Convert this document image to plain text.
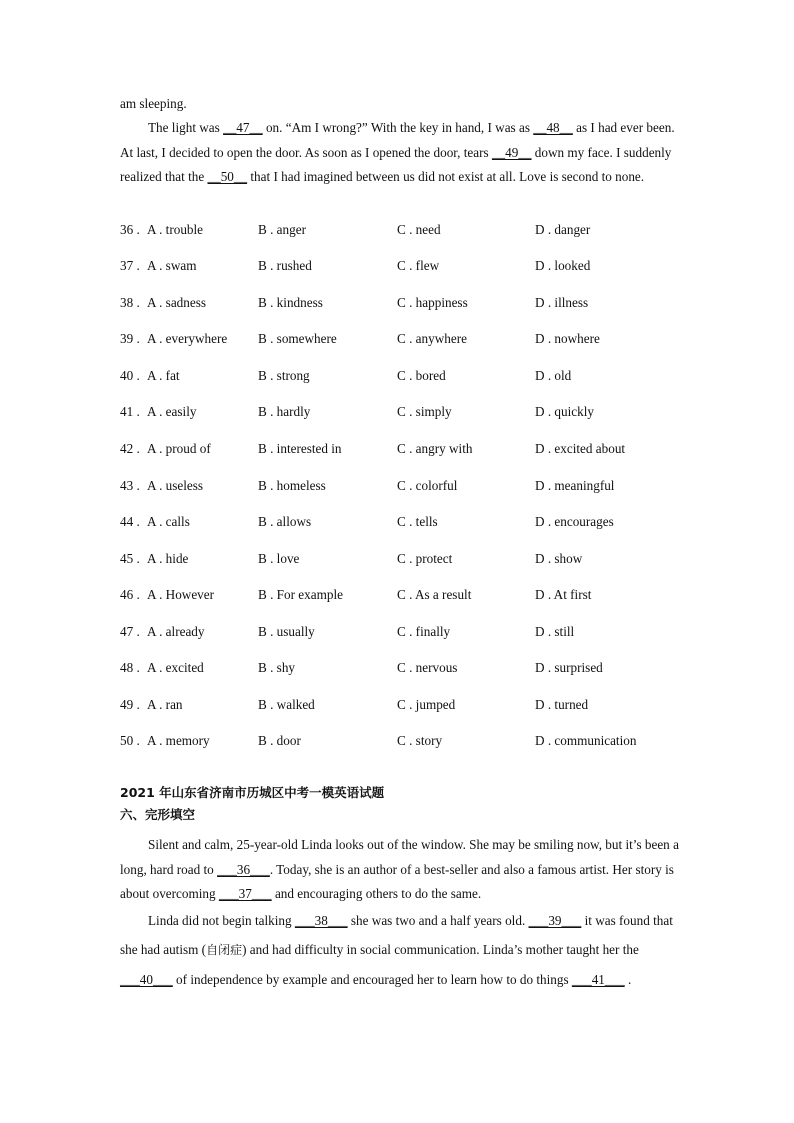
am sleeping.

The light was __47__ on. “Am I wrong?” With the key in hand, I was as __48__ as I had ever been. At last, I decided to open the door. As soon as I opened the door, tears __49__ down my face. I suddenly realized that the __50__ that I had imagined between us did not exist at all. Love is second to none.

36 . A . trouble	B . anger	C . need	D . danger
37 . A . swam	B . rushed	C . flew	D . looked
38 . A . sadness	B . kindness	C . happiness	D . illness
39 . A . everywhere B . somewhere	C . anywhere	D . nowhere
40 . A . fat	B . strong	C . bored	D . old
41 . A . easily	B . hardly	C . simply	D . quickly
42 . A . proud of	B . interested in	C . angry with	D . excited about
43 . A . useless	B . homeless	C . colorful	D . meaningful
44 . A . calls	B . allows	C . tells	D . encourages
45 . A . hide	B . love	C . protect	D . show
46 . A . However	B . For example	C . As a result	D . At first
47 . A . already	B . usually	C . finally	D . still
48 . A . excited	B . shy	C . nervous	D . surprised
49 . A . ran	B . walked	C . jumped	D . turned
50 . A . memory	B . door	C . story	D . communication

2021 年山东省济南市历城区中考一模英语试题

六、完形填空

Silent and calm, 25-year-old Linda looks out of the window. She may be smiling now, but it’s been a long, hard road to ___36___. Today, she is an author of a best-seller and also a famous artist. Her story is about overcoming ___37___ and encouraging others to do the same.

Linda did not begin talking ___38___ she was two and a half years old. ___39___ it was found that she had autism (自闭症) and had difficulty in social communication. Linda’s mother taught her the ___40___ of independence by example and encouraged her to learn how to do things ___41___ .
